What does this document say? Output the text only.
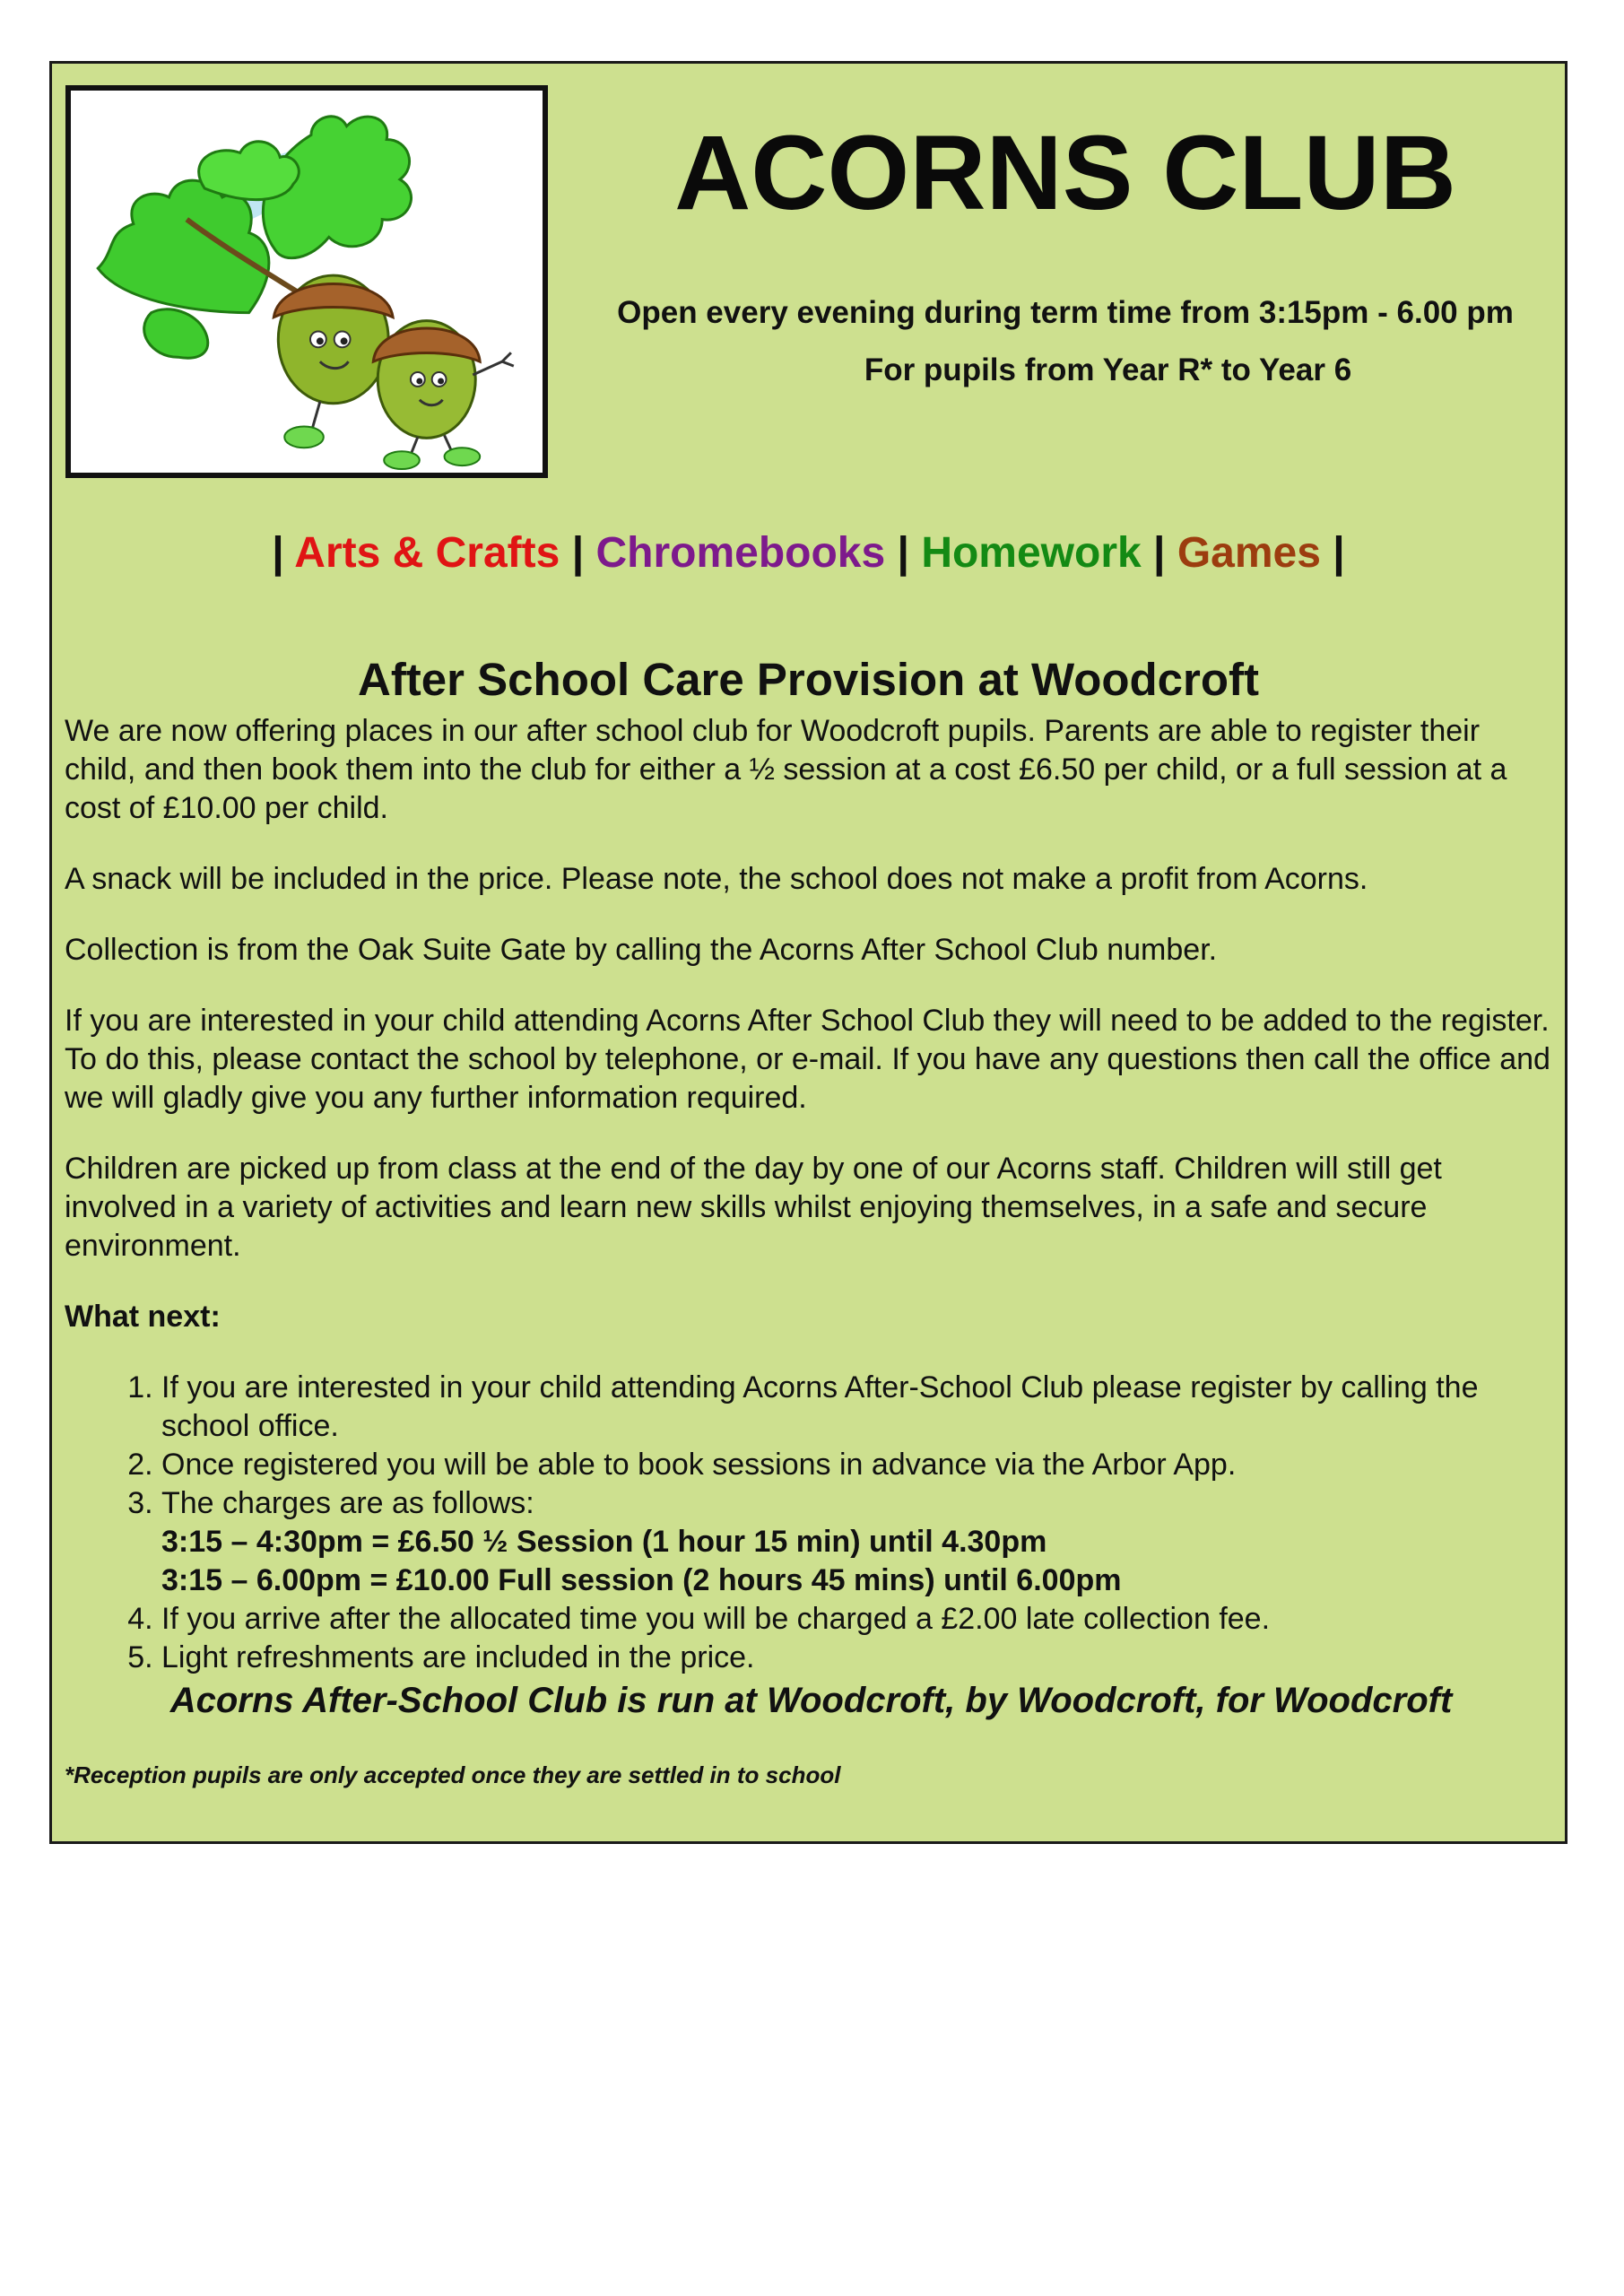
ACORNS CLUB

Open every evening during term time from 3:15pm - 6.00 pm

For pupils from Year R* to Year 6

| Arts & Crafts | Chromebooks | Homework | Games |

After School Care Provision at Woodcroft

We are now offering places in our after school club for Woodcroft pupils. Parents are able to register their child, and then book them into the club for either a ½ session at a cost £6.50 per child, or a full session at a cost of £10.00 per child.

A snack will be included in the price. Please note, the school does not make a profit from Acorns.

Collection is from the Oak Suite Gate by calling the Acorns After School Club number.

If you are interested in your child attending Acorns After School Club they will need to be added to the register. To do this, please contact the school by telephone, or e-mail. If you have any questions then call the office and we will gladly give you any further information required.

Children are picked up from class at the end of the day by one of our Acorns staff. Children will still get involved in a variety of activities and learn new skills whilst enjoying themselves, in a safe and secure environment.

What next:

1. If you are interested in your child attending Acorns After-School Club please register by calling the school office.
2. Once registered you will be able to book sessions in advance via the Arbor App.
3. The charges are as follows:
3:15 – 4:30pm = £6.50 ½ Session (1 hour 15 min) until 4.30pm
3:15 – 6.00pm = £10.00 Full session (2 hours 45 mins) until 6.00pm
4. If you arrive after the allocated time you will be charged a £2.00 late collection fee.
5. Light refreshments are included in the price.

Acorns After-School Club is run at Woodcroft, by Woodcroft, for Woodcroft

*Reception pupils are only accepted once they are settled in to school
